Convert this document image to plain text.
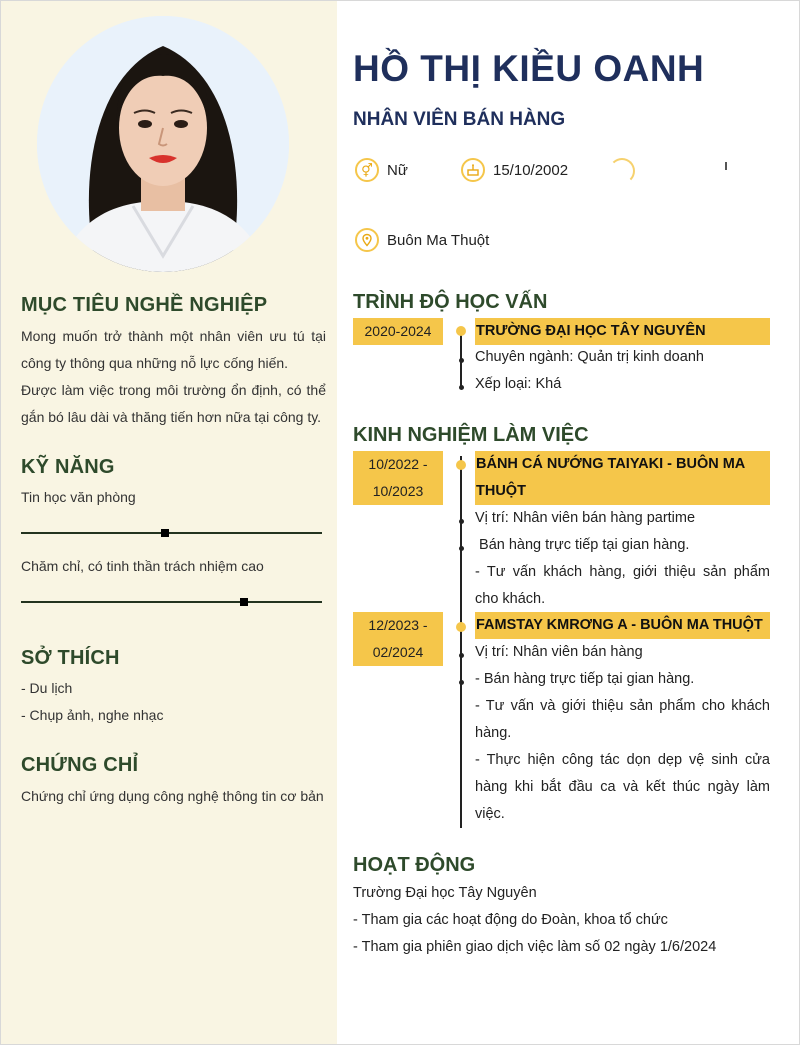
MỤC TIÊU NGHỀ NGHIỆP

Mong muốn trở thành một nhân viên ưu tú tại công ty thông qua những nỗ lực cống hiến.

Được làm việc trong môi trường ổn định, có thể gắn bó lâu dài và thăng tiến hơn nữa tại công ty.

KỸ NĂNG

Tin học văn phòng

Chăm chỉ, có tinh thần trách nhiệm cao

SỞ THÍCH

- Du lịch

- Chụp ảnh, nghe nhạc

CHỨNG CHỈ

Chứng chỉ ứng dụng công nghệ thông tin cơ bản

HỒ THỊ KIỀU OANH
NHÂN VIÊN BÁN HÀNG
⚥ Nữ	15/10/2002
Buôn Ma Thuột
TRÌNH ĐỘ HỌC VẤN
2020-2024	TRƯỜNG ĐẠI HỌC TÂY NGUYÊN

Chuyên ngành: Quản trị kinh doanh

Xếp loại: Khá

KINH NGHIỆM LÀM VIỆC
10/2022 -
10/2023
BÁNH CÁ NƯỚNG TAIYAKI - BUÔN MA
THUỘT

Vị trí: Nhân viên bán hàng partime

Bán hàng trực tiếp tại gian hàng.

- Tư vấn khách hàng, giới thiệu sản phẩm cho khách.

12/2023 -
02/2024
FAMSTAY KMRƠNG A - BUÔN MA THUỘT

Vị trí: Nhân viên bán hàng

- Bán hàng trực tiếp tại gian hàng.

- Tư vấn và giới thiệu sản phẩm cho khách hàng.

- Thực hiện công tác dọn dẹp vệ sinh cửa hàng khi bắt đầu ca và kết thúc ngày làm việc.

HOẠT ĐỘNG

Trường Đại học Tây Nguyên

- Tham gia các hoạt động do Đoàn, khoa tổ chức

- Tham gia phiên giao dịch việc làm số 02 ngày 1/6/2024
